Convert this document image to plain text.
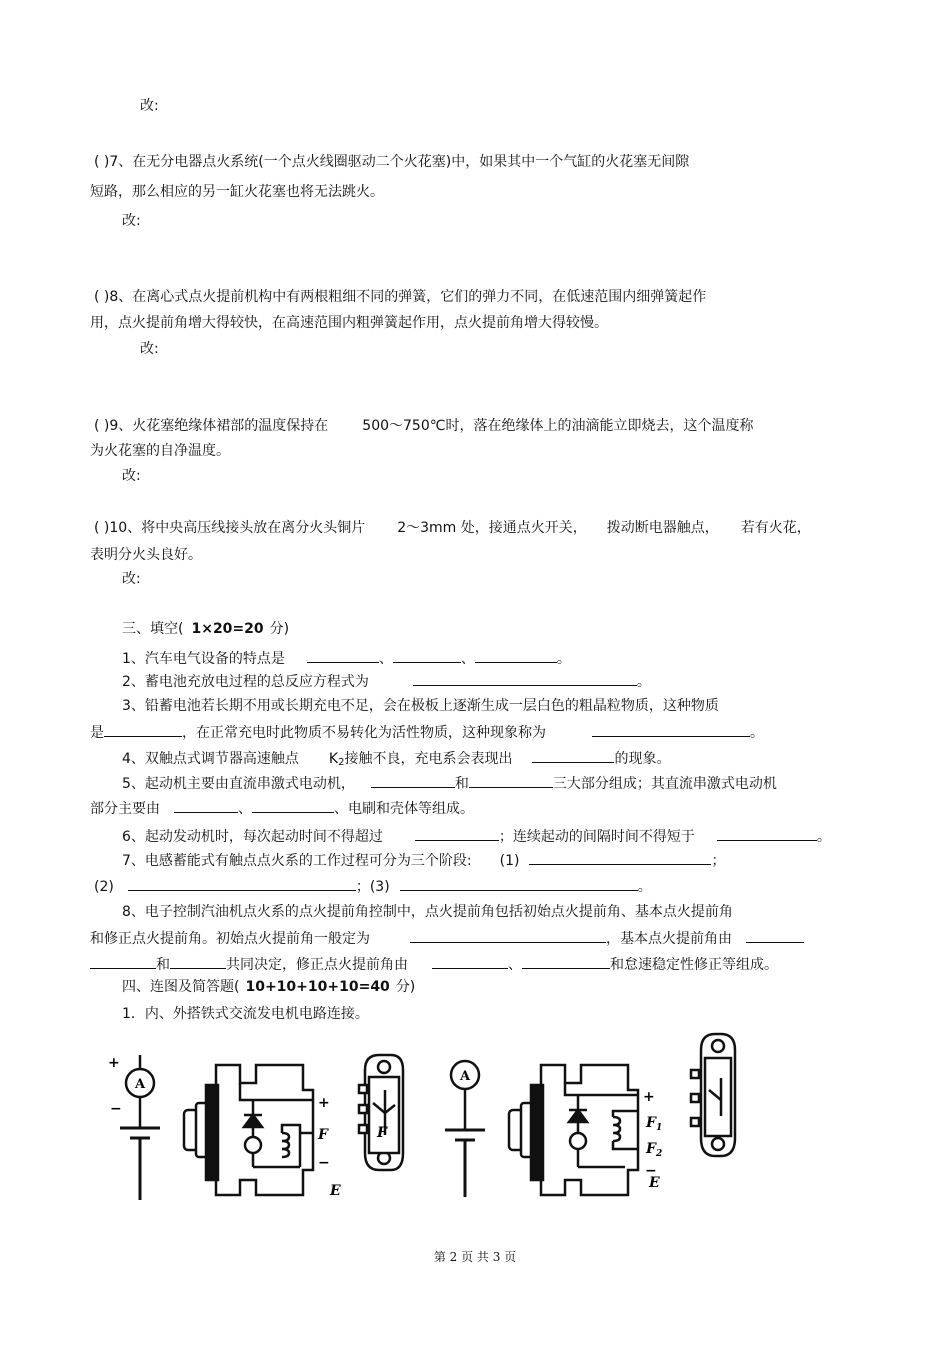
改:
( )7、在无分电器点火系统(一个点火线圈驱动二个火花塞)中，如果其中一个气缸的火花塞无间隙
短路，那么相应的另一缸火花塞也将无法跳火。
改:
( )8、在离心式点火提前机构中有两根粗细不同的弹簧，它们的弹力不同，在低速范围内细弹簧起作
用，点火提前角增大得较快，在高速范围内粗弹簧起作用，点火提前角增大得较慢。
改:
( )9、火花塞绝缘体裙部的温度保持在 500～750℃时，落在绝缘体上的油滴能立即烧去，这个温度称
为火花塞的自净温度。
改:
( )10、将中央高压线接头放在离分火头铜片 2～3mm 处，接通点火开关， 拨动断电器触点， 若有火花，
表明分火头良好。
改:
三、填空( 1×20=20 分)
1、汽车电气设备的特点是	、	、	。
2、蓄电池充放电过程的总反应方程式为	。
3、铅蓄电池若长期不用或长期充电不足，会在极板上逐渐生成一层白色的粗晶粒物质，这种物质
是	，在正常充电时此物质不易转化为活性物质，这种现象称为	。
4、双触点式调节器高速触点 $K_2$接触不良，充电系会表现出	的现象。
5、起动机主要由直流串激式电动机，	和	三大部分组成；其直流串激式电动机
部分主要由	、	、电刷和壳体等组成。
6、起动发动机时，每次起动时间不得超过	；连续起动的间隔时间不得短于	。
7、电感蓄能式有触点点火系的工作过程可分为三个阶段: (1)	；
(2)	；(3)	。
8、电子控制汽油机点火系的点火提前角控制中，点火提前角包括初始点火提前角、基本点火提前角
和修正点火提前角。初始点火提前角一般定为	，基本点火提前角由
和	共同决定，修正点火提前角由	、	和怠速稳定性修正等组成。
四、连图及简答题( 10+10+10+10=40 分)
1．内、外搭铁式交流发电机电路连接。
A
+
−	+
F
−
E
F
A
+
$F_1$
$F_2$
−
E
第 2 页 共 3 页
